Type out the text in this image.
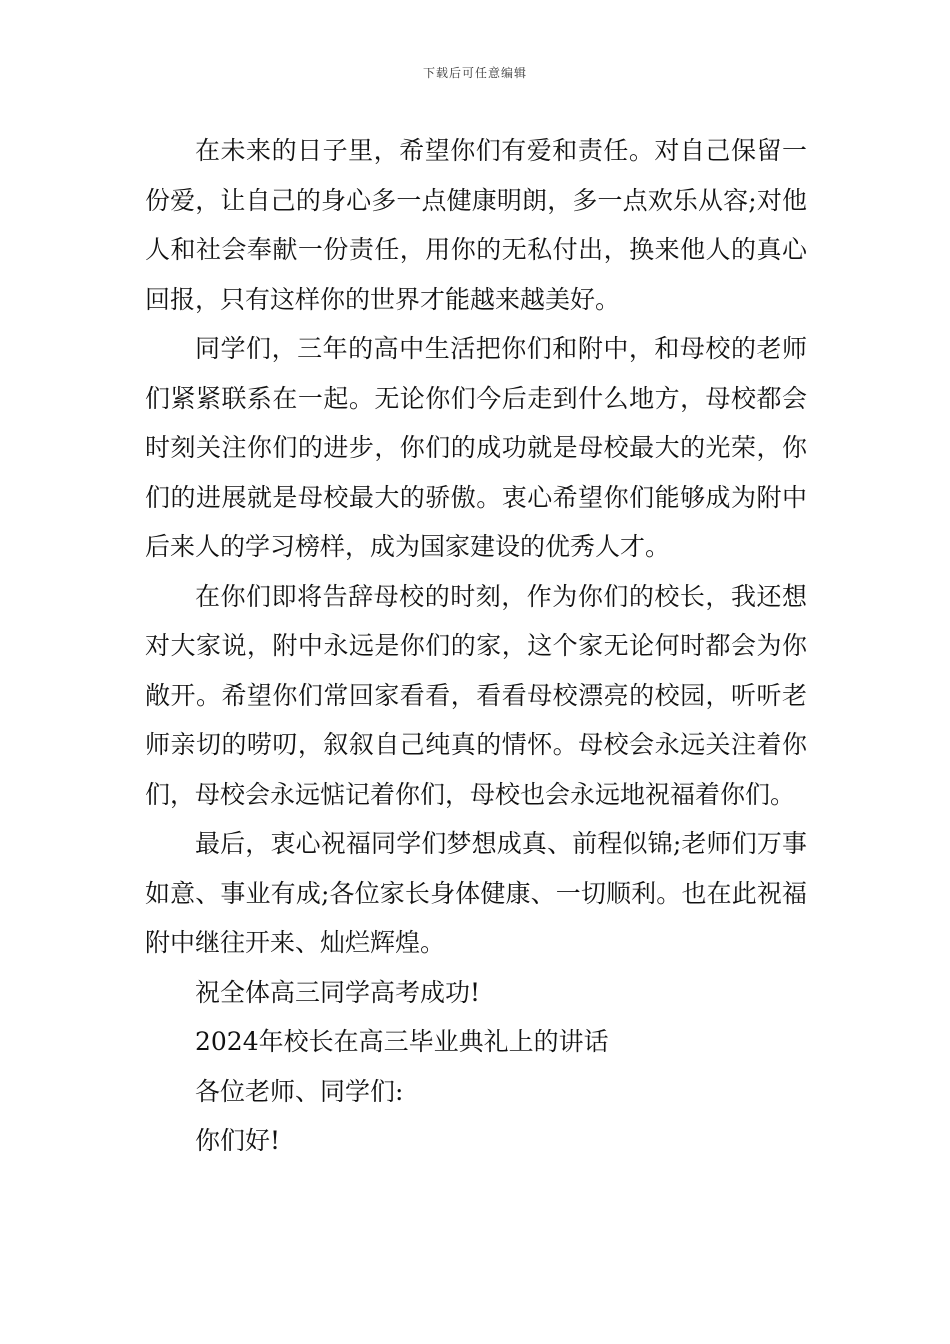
下载后可任意编辑

在未来的日子里，希望你们有爱和责任。对自己保留一份爱，让自己的身心多一点健康明朗，多一点欢乐从容;对他人和社会奉献一份责任，用你的无私付出，换来他人的真心回报，只有这样你的世界才能越来越美好。

同学们，三年的高中生活把你们和附中，和母校的老师们紧紧联系在一起。无论你们今后走到什么地方，母校都会时刻关注你们的进步，你们的成功就是母校最大的光荣，你们的进展就是母校最大的骄傲。衷心希望你们能够成为附中后来人的学习榜样，成为国家建设的优秀人才。

在你们即将告辞母校的时刻，作为你们的校长，我还想对大家说，附中永远是你们的家，这个家无论何时都会为你敞开。希望你们常回家看看，看看母校漂亮的校园，听听老师亲切的唠叨，叙叙自己纯真的情怀。母校会永远关注着你们，母校会永远惦记着你们，母校也会永远地祝福着你们。

最后，衷心祝福同学们梦想成真、前程似锦;老师们万事如意、事业有成;各位家长身体健康、一切顺利。也在此祝福附中继往开来、灿烂辉煌。

祝全体高三同学高考成功!

2024年校长在高三毕业典礼上的讲话

各位老师、同学们:

你们好!
